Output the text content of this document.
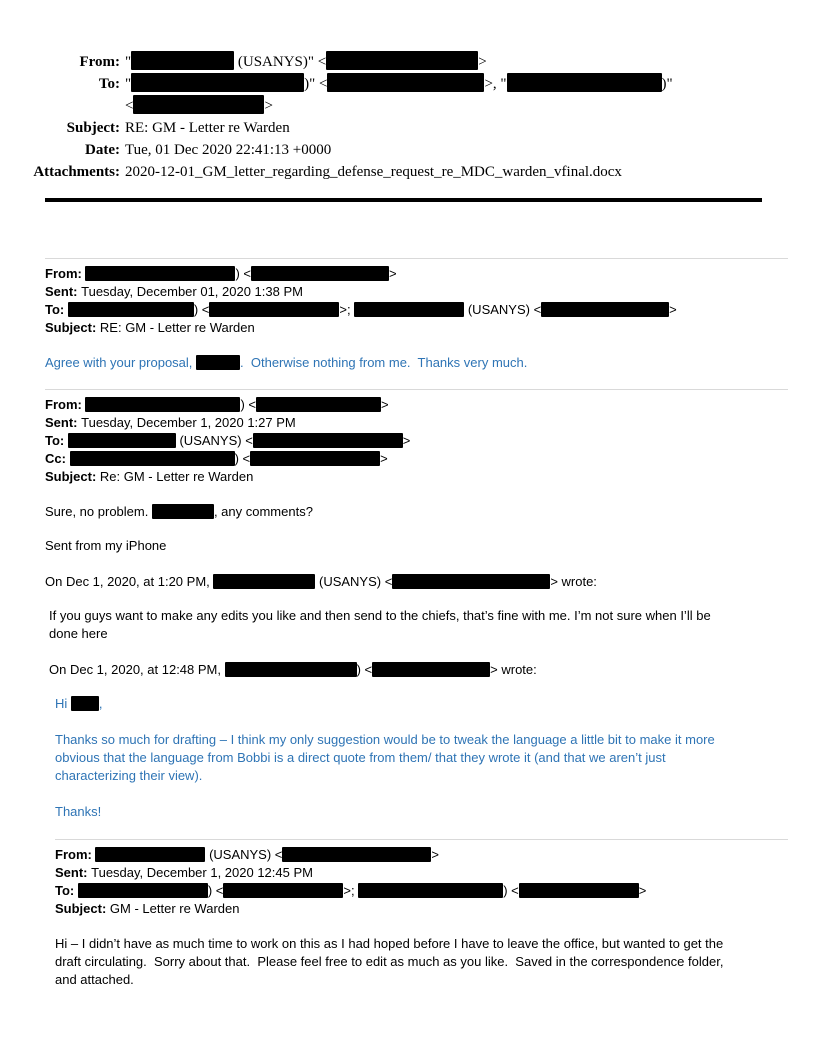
From: "	(USANYS)" <	>
To: "	)" <	>, "	)"
<	>
Subject: RE: GM - Letter re Warden
Date: Tue, 01 Dec 2020 22:41:13 +0000
Attachments: 2020-12-01_GM_letter_regarding_defense_request_re_MDC_warden_vfinal.docx
From:	) <	>
Sent: Tuesday, December 01, 2020 1:38 PM
To:	) <	>;	(USANYS) <	>
Subject: RE: GM - Letter re Warden
Agree with your proposal,	.  Otherwise nothing from me.  Thanks very much.
From:	) <	>
Sent: Tuesday, December 1, 2020 1:27 PM
To:	(USANYS) <	>
Cc:	) <	>
Subject: Re: GM - Letter re Warden
Sure, no problem.	, any comments?
Sent from my iPhone
On Dec 1, 2020, at 1:20 PM,	(USANYS) <	> wrote:
If you guys want to make any edits you like and then send to the chiefs, that’s fine with me. I’m not sure when I’ll be
done here
On Dec 1, 2020, at 12:48 PM,	) <	> wrote:
Hi ,
Thanks so much for drafting – I think my only suggestion would be to tweak the language a little bit to make it more
obvious that the language from Bobbi is a direct quote from them/ that they wrote it (and that we aren’t just
characterizing their view).
Thanks!
From:	(USANYS) <	>
Sent: Tuesday, December 1, 2020 12:45 PM
To:	) <	>;	) <	>
Subject: GM - Letter re Warden
Hi – I didn’t have as much time to work on this as I had hoped before I have to leave the office, but wanted to get the
draft circulating.  Sorry about that.  Please feel free to edit as much as you like.  Saved in the correspondence folder,
and attached.
